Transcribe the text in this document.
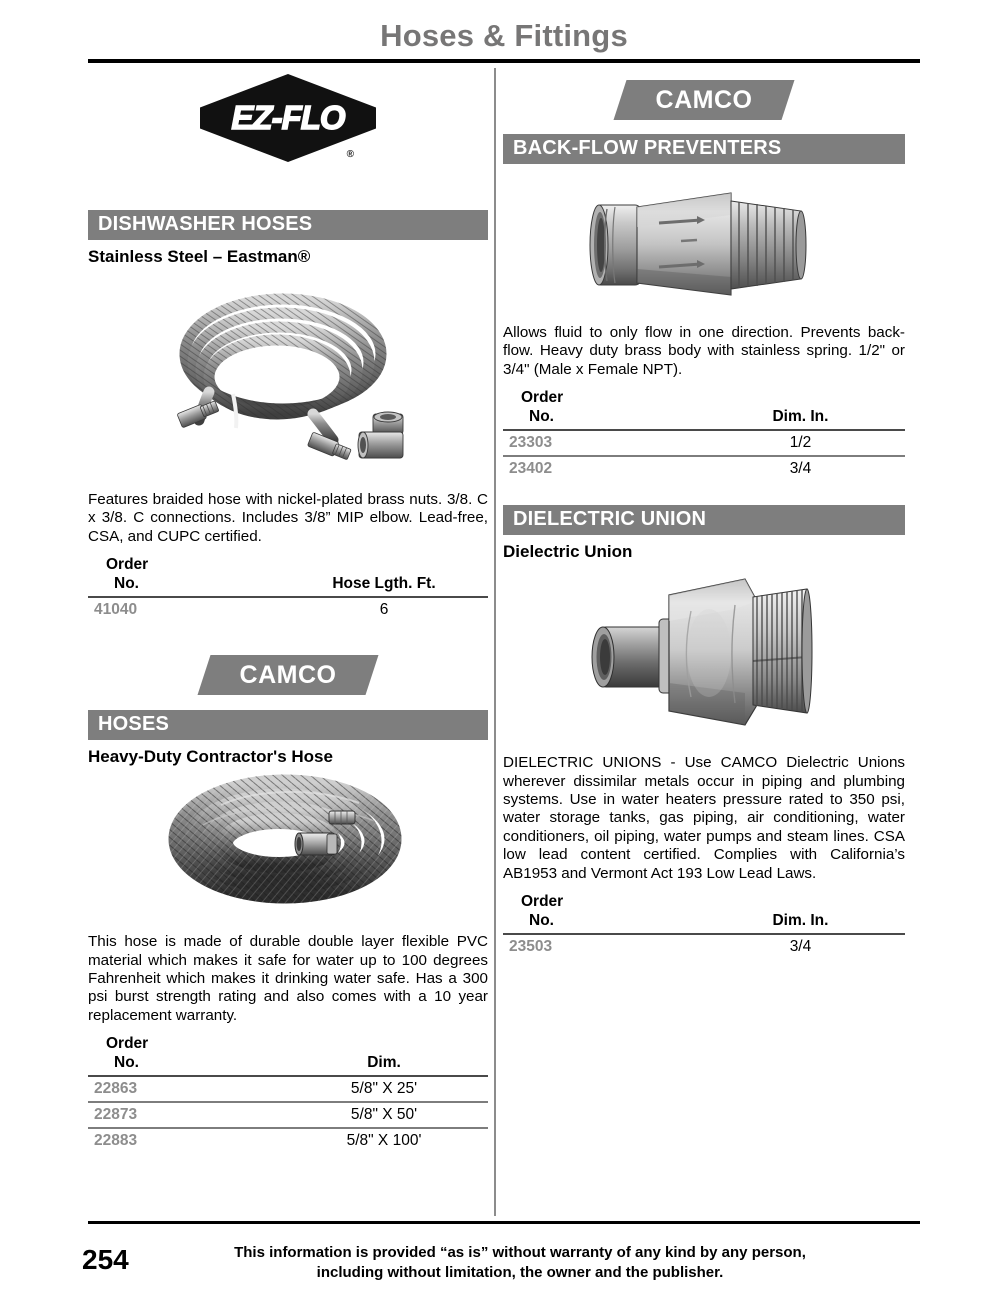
Hoses & Fittings
EZ-FLO
®
DISHWASHER HOSES
Stainless Steel – Eastman®
Features braided hose with nickel-plated brass nuts. 3/8. C x 3/8. C connections. Includes 3/8” MIP elbow. Lead-free, CSA, and CUPC certified.
Order	
No.	Hose Lgth. Ft.
41040	6
CAMCO
HOSES
Heavy-Duty Contractor's Hose
This hose is made of durable double layer flexible PVC material which makes it safe for water up to 100 degrees Fahrenheit which makes it drinking water safe. Has a 300 psi burst strength rating and also comes with a 10 year replacement warranty.
Order	
No.	Dim.
22863	5/8" X 25'
22873	5/8" X 50'
22883	5/8" X 100'
CAMCO
BACK-FLOW PREVENTERS
Allows fluid to only flow in one direction. Prevents back-flow. Heavy duty brass body with stainless spring. 1/2" or 3/4" (Male x Female NPT).
Order	
No.	Dim. In.
23303	1/2
23402	3/4
DIELECTRIC UNION
Dielectric Union
DIELECTRIC UNIONS - Use CAMCO Dielectric Unions wherever dissimilar metals occur in piping and plumbing systems. Use in water heaters pressure rated to 350 psi, water storage tanks, gas piping, air conditioning, water conditioners, oil piping, water pumps and steam lines. CSA low lead content certified. Complies with California’s AB1953 and Vermont Act 193 Low Lead Laws.
Order	
No.	Dim. In.
23503	3/4
254	This information is provided “as is” without warranty of any kind by any person,
including without limitation, the owner and the publisher.
